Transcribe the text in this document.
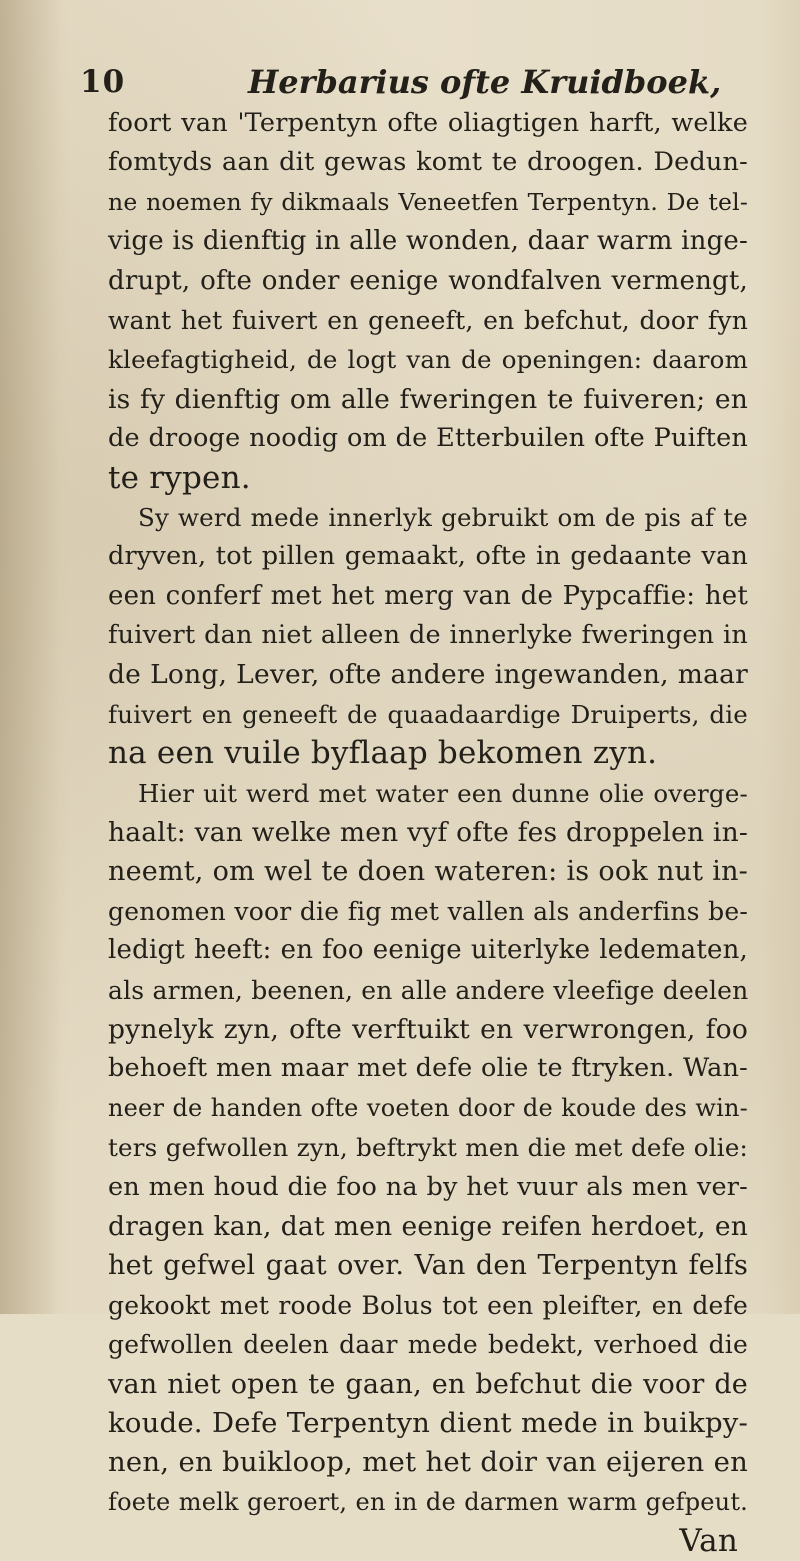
10	Herbarius ofte Kruidboek,
foort van 'Terpentyn ofte oliagtigen harft, welke
fomtyds aan dit gewas komt te droogen. Dedun-
ne noemen fy dikmaals Veneetfen Terpentyn. De tel-
vige is dienftig in alle wonden, daar warm inge-
drupt, ofte onder eenige wondfalven vermengt,
want het fuivert en geneeft, en befchut, door fyn
kleefagtigheid, de logt van de openingen: daarom
is fy dienftig om alle fweringen te fuiveren; en
de drooge noodig om de Etterbuilen ofte Puiften
te rypen.
Sy werd mede innerlyk gebruikt om de pis af te
dryven, tot pillen gemaakt, ofte in gedaante van
een conferf met het merg van de Pypcaffie: het
fuivert dan niet alleen de innerlyke fweringen in
de Long, Lever, ofte andere ingewanden, maar
fuivert en geneeft de quaadaardige Druiperts, die
na een vuile byflaap bekomen zyn.
Hier uit werd met water een dunne olie overge-
haalt: van welke men vyf ofte fes droppelen in-
neemt, om wel te doen wateren: is ook nut in-
genomen voor die fig met vallen als anderfins be-
ledigt heeft: en foo eenige uiterlyke ledematen,
als armen, beenen, en alle andere vleefige deelen
pynelyk zyn, ofte verftuikt en verwrongen, foo
behoeft men maar met defe olie te ftryken. Wan-
neer de handen ofte voeten door de koude des win-
ters gefwollen zyn, beftrykt men die met defe olie:
en men houd die foo na by het vuur als men ver-
dragen kan, dat men eenige reifen herdoet, en
het gefwel gaat over. Van den Terpentyn felfs
gekookt met roode Bolus tot een pleifter, en defe
gefwollen deelen daar mede bedekt, verhoed die
van niet open te gaan, en befchut die voor de
koude. Defe Terpentyn dient mede in buikpy-
nen, en buikloop, met het doir van eijeren en
foete melk geroert, en in de darmen warm gefpeut.
Van
